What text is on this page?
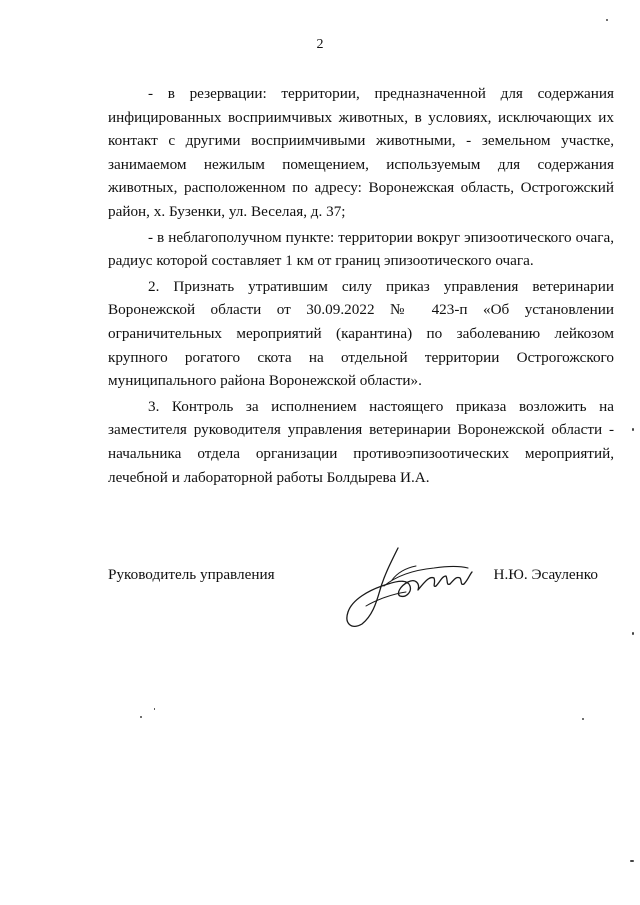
2

- в резервации: территории, предназначенной для содержания инфицированных восприимчивых животных, в условиях, исключающих их контакт с другими восприимчивыми животными, - земельном участке, занимаемом нежилым помещением, используемым для содержания животных, расположенном по адресу: Воронежская область, Острогожский район, х. Бузенки, ул. Веселая, д. 37;

- в неблагополучном пункте: территории вокруг эпизоотического очага, радиус которой составляет 1 км от границ эпизоотического очага.

2. Признать утратившим силу приказ управления ветеринарии Воронежской области от 30.09.2022 № 423-п «Об установлении ограничительных мероприятий (карантина) по заболеванию лейкозом крупного рогатого скота на отдельной территории Острогожского муниципального района Воронежской области».

3. Контроль за исполнением настоящего приказа возложить на заместителя руководителя управления ветеринарии Воронежской области - начальника отдела организации противоэпизоотических мероприятий, лечебной и лабораторной работы Болдырева И.А.

Руководитель управления	Н.Ю. Эсауленко
